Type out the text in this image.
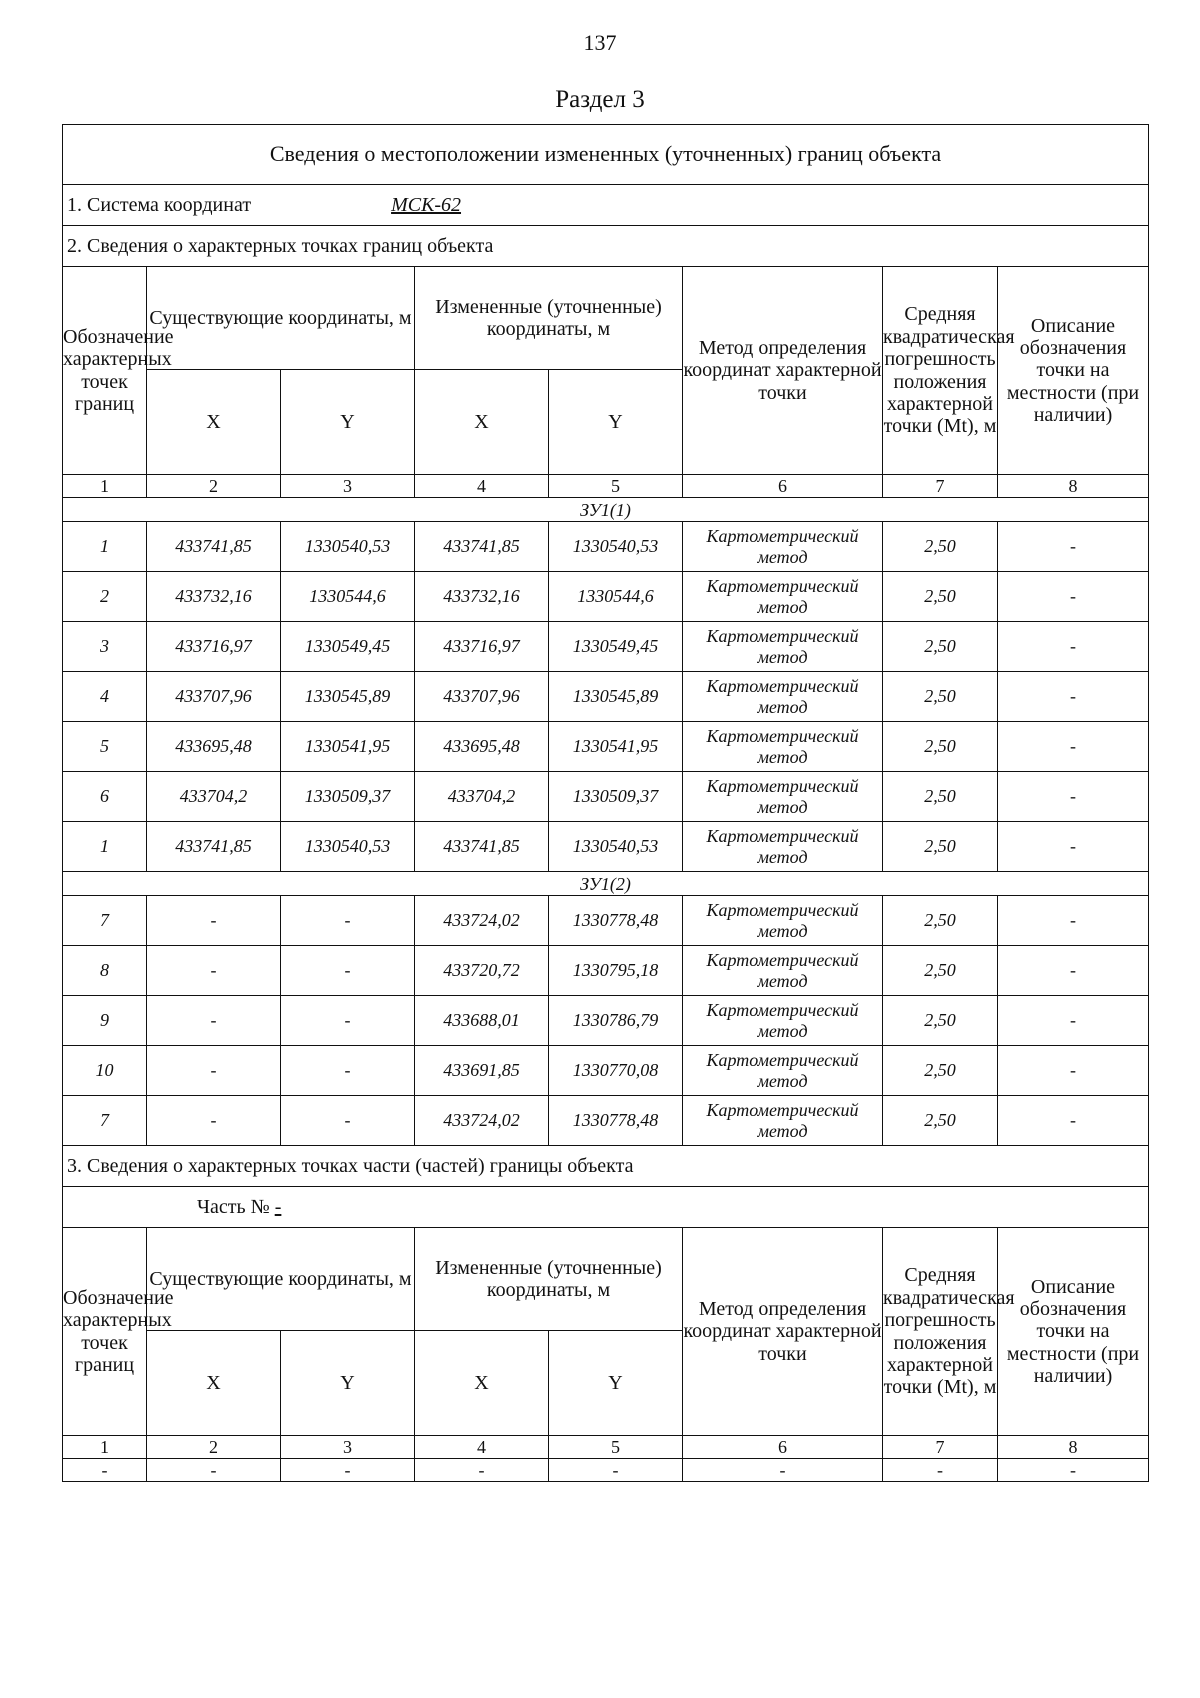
137
Раздел 3
Сведения о местоположении измененных (уточненных) границ объекта							
1. Система координат МСК-62							
2. Сведения о характерных точках границ объекта							
Обозначение характерных точек границ	Существующие координаты, м		Измененные (уточненные) координаты, м		Метод определения координат характерной точки	Средняя квадратическая погрешность положения характерной точки (Mt), м	Описание обозначения точки на местности (при наличии)
	X	Y	X	Y			
1	2	3	4	5	6	7	8
ЗУ1(1)							
1	433741,85	1330540,53	433741,85	1330540,53	Картометрический метод	2,50	-
2	433732,16	1330544,6	433732,16	1330544,6	Картометрический метод	2,50	-
3	433716,97	1330549,45	433716,97	1330549,45	Картометрический метод	2,50	-
4	433707,96	1330545,89	433707,96	1330545,89	Картометрический метод	2,50	-
5	433695,48	1330541,95	433695,48	1330541,95	Картометрический метод	2,50	-
6	433704,2	1330509,37	433704,2	1330509,37	Картометрический метод	2,50	-
1	433741,85	1330540,53	433741,85	1330540,53	Картометрический метод	2,50	-
ЗУ1(2)							
7	-	-	433724,02	1330778,48	Картометрический метод	2,50	-
8	-	-	433720,72	1330795,18	Картометрический метод	2,50	-
9	-	-	433688,01	1330786,79	Картометрический метод	2,50	-
10	-	-	433691,85	1330770,08	Картометрический метод	2,50	-
7	-	-	433724,02	1330778,48	Картометрический метод	2,50	-
3. Сведения о характерных точках части (частей) границы объекта							
Часть № -							
Обозначение характерных точек границ	Существующие координаты, м		Измененные (уточненные) координаты, м		Метод определения координат характерной точки	Средняя квадратическая погрешность положения характерной точки (Mt), м	Описание обозначения точки на местности (при наличии)
	X	Y	X	Y			
1	2	3	4	5	6	7	8
-	-	-	-	-	-	-	-
